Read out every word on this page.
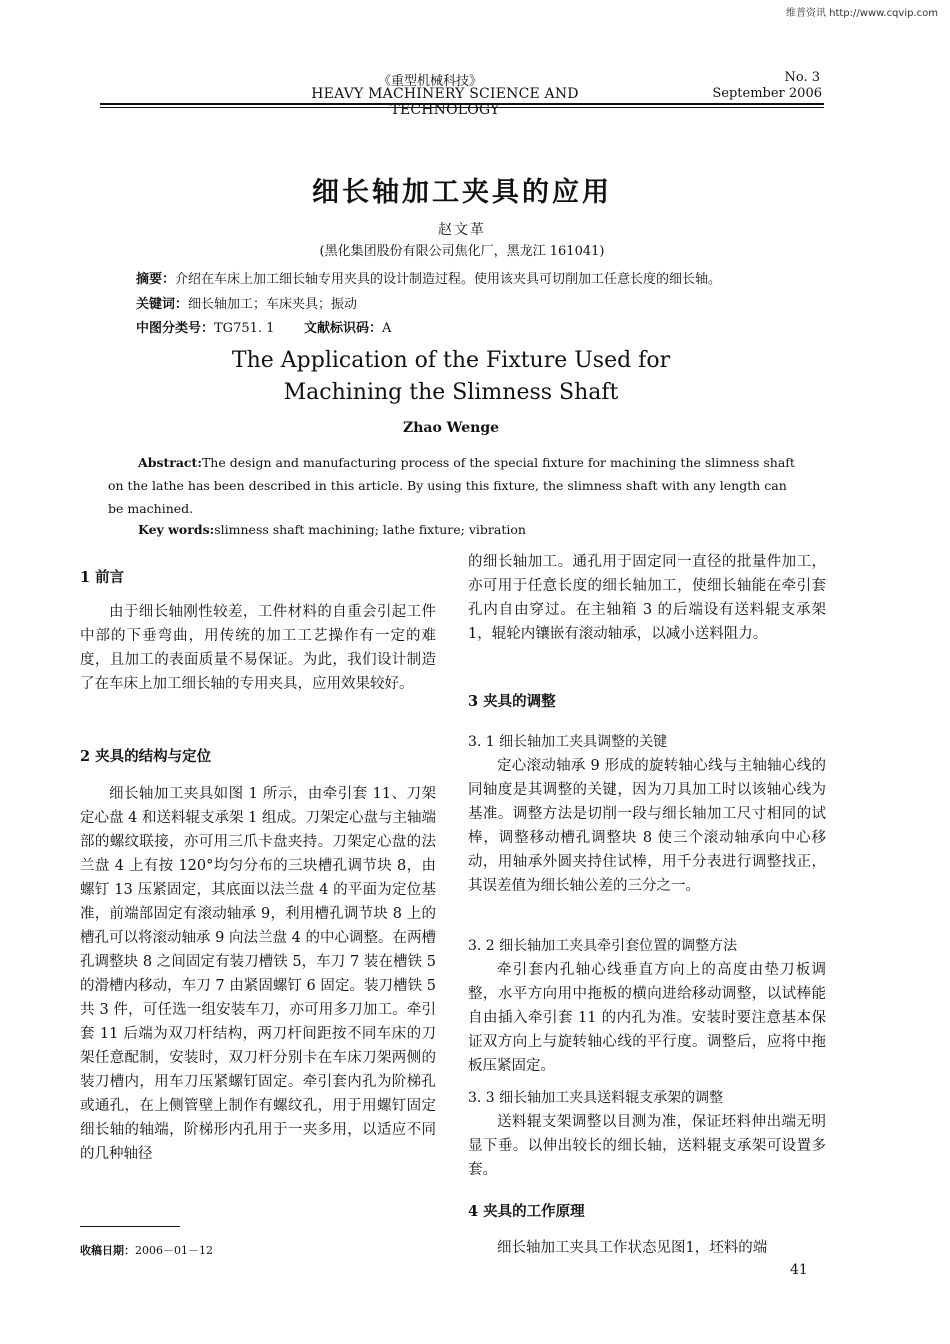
维普资讯 http://www.cqvip.com
《重型机械科技》
HEAVY MACHINERY SCIENCE AND TECHNOLOGY
No. 3
September 2006
细长轴加工夹具的应用
赵文革
(黑化集团股份有限公司焦化厂，黑龙江 161041)
摘要：介绍在车床上加工细长轴专用夹具的设计制造过程。使用该夹具可切削加工任意长度的细长轴。
关键词：细长轴加工；车床夹具；振动
中图分类号：TG751. 1 文献标识码：A
The Application of the Fixture Used for
Machining the Slimness Shaft
Zhao Wenge
Abstract:The design and manufacturing process of the special fixture for machining the slimness shaft on the lathe has been described in this article. By using this fixture, the slimness shaft with any length can be machined.
Key words:slimness shaft machining; lathe fixture; vibration
1 前言

由于细长轴刚性较差，工件材料的自重会引起工件中部的下垂弯曲，用传统的加工工艺操作有一定的难度，且加工的表面质量不易保证。为此，我们设计制造了在车床上加工细长轴的专用夹具，应用效果较好。

2 夹具的结构与定位

细长轴加工夹具如图 1 所示，由牵引套 11、刀架定心盘 4 和送料辊支承架 1 组成。刀架定心盘与主轴端部的螺纹联接，亦可用三爪卡盘夹持。刀架定心盘的法兰盘 4 上有按 120°均匀分布的三块槽孔调节块 8，由螺钉 13 压紧固定，其底面以法兰盘 4 的平面为定位基准，前端部固定有滚动轴承 9，利用槽孔调节块 8 上的槽孔可以将滚动轴承 9 向法兰盘 4 的中心调整。在两槽孔调整块 8 之间固定有装刀槽铁 5，车刀 7 装在槽铁 5 的滑槽内移动，车刀 7 由紧固螺钉 6 固定。装刀槽铁 5 共 3 件，可任选一组安装车刀，亦可用多刀加工。牵引套 11 后端为双刀杆结构，两刀杆间距按不同车床的刀架任意配制，安装时，双刀杆分别卡在车床刀架两侧的装刀槽内，用车刀压紧螺钉固定。牵引套内孔为阶梯孔或通孔，在上侧管壁上制作有螺纹孔，用于用螺钉固定细长轴的轴端，阶梯形内孔用于一夹多用，以适应不同的几种轴径

的细长轴加工。通孔用于固定同一直径的批量件加工，亦可用于任意长度的细长轴加工，使细长轴能在牵引套孔内自由穿过。在主轴箱 3 的后端设有送料辊支承架 1，辊轮内镶嵌有滚动轴承，以减小送料阻力。

3 夹具的调整
3. 1 细长轴加工夹具调整的关键

定心滚动轴承 9 形成的旋转轴心线与主轴轴心线的同轴度是其调整的关键，因为刀具加工时以该轴心线为基准。调整方法是切削一段与细长轴加工尺寸相同的试棒，调整移动槽孔调整块 8 使三个滚动轴承向中心移动，用轴承外圆夹持住试棒，用千分表进行调整找正，其误差值为细长轴公差的三分之一。

3. 2 细长轴加工夹具牵引套位置的调整方法

牵引套内孔轴心线垂直方向上的高度由垫刀板调整，水平方向用中拖板的横向进给移动调整，以试棒能自由插入牵引套 11 的内孔为准。安装时要注意基本保证双方向上与旋转轴心线的平行度。调整后，应将中拖板压紧固定。

3. 3 细长轴加工夹具送料辊支承架的调整

送料辊支架调整以目测为准，保证坯料伸出端无明显下垂。以伸出较长的细长轴，送料辊支承架可设置多套。

4 夹具的工作原理

细长轴加工夹具工作状态见图1，坯料的端

收稿日期：2006－01－12
41
